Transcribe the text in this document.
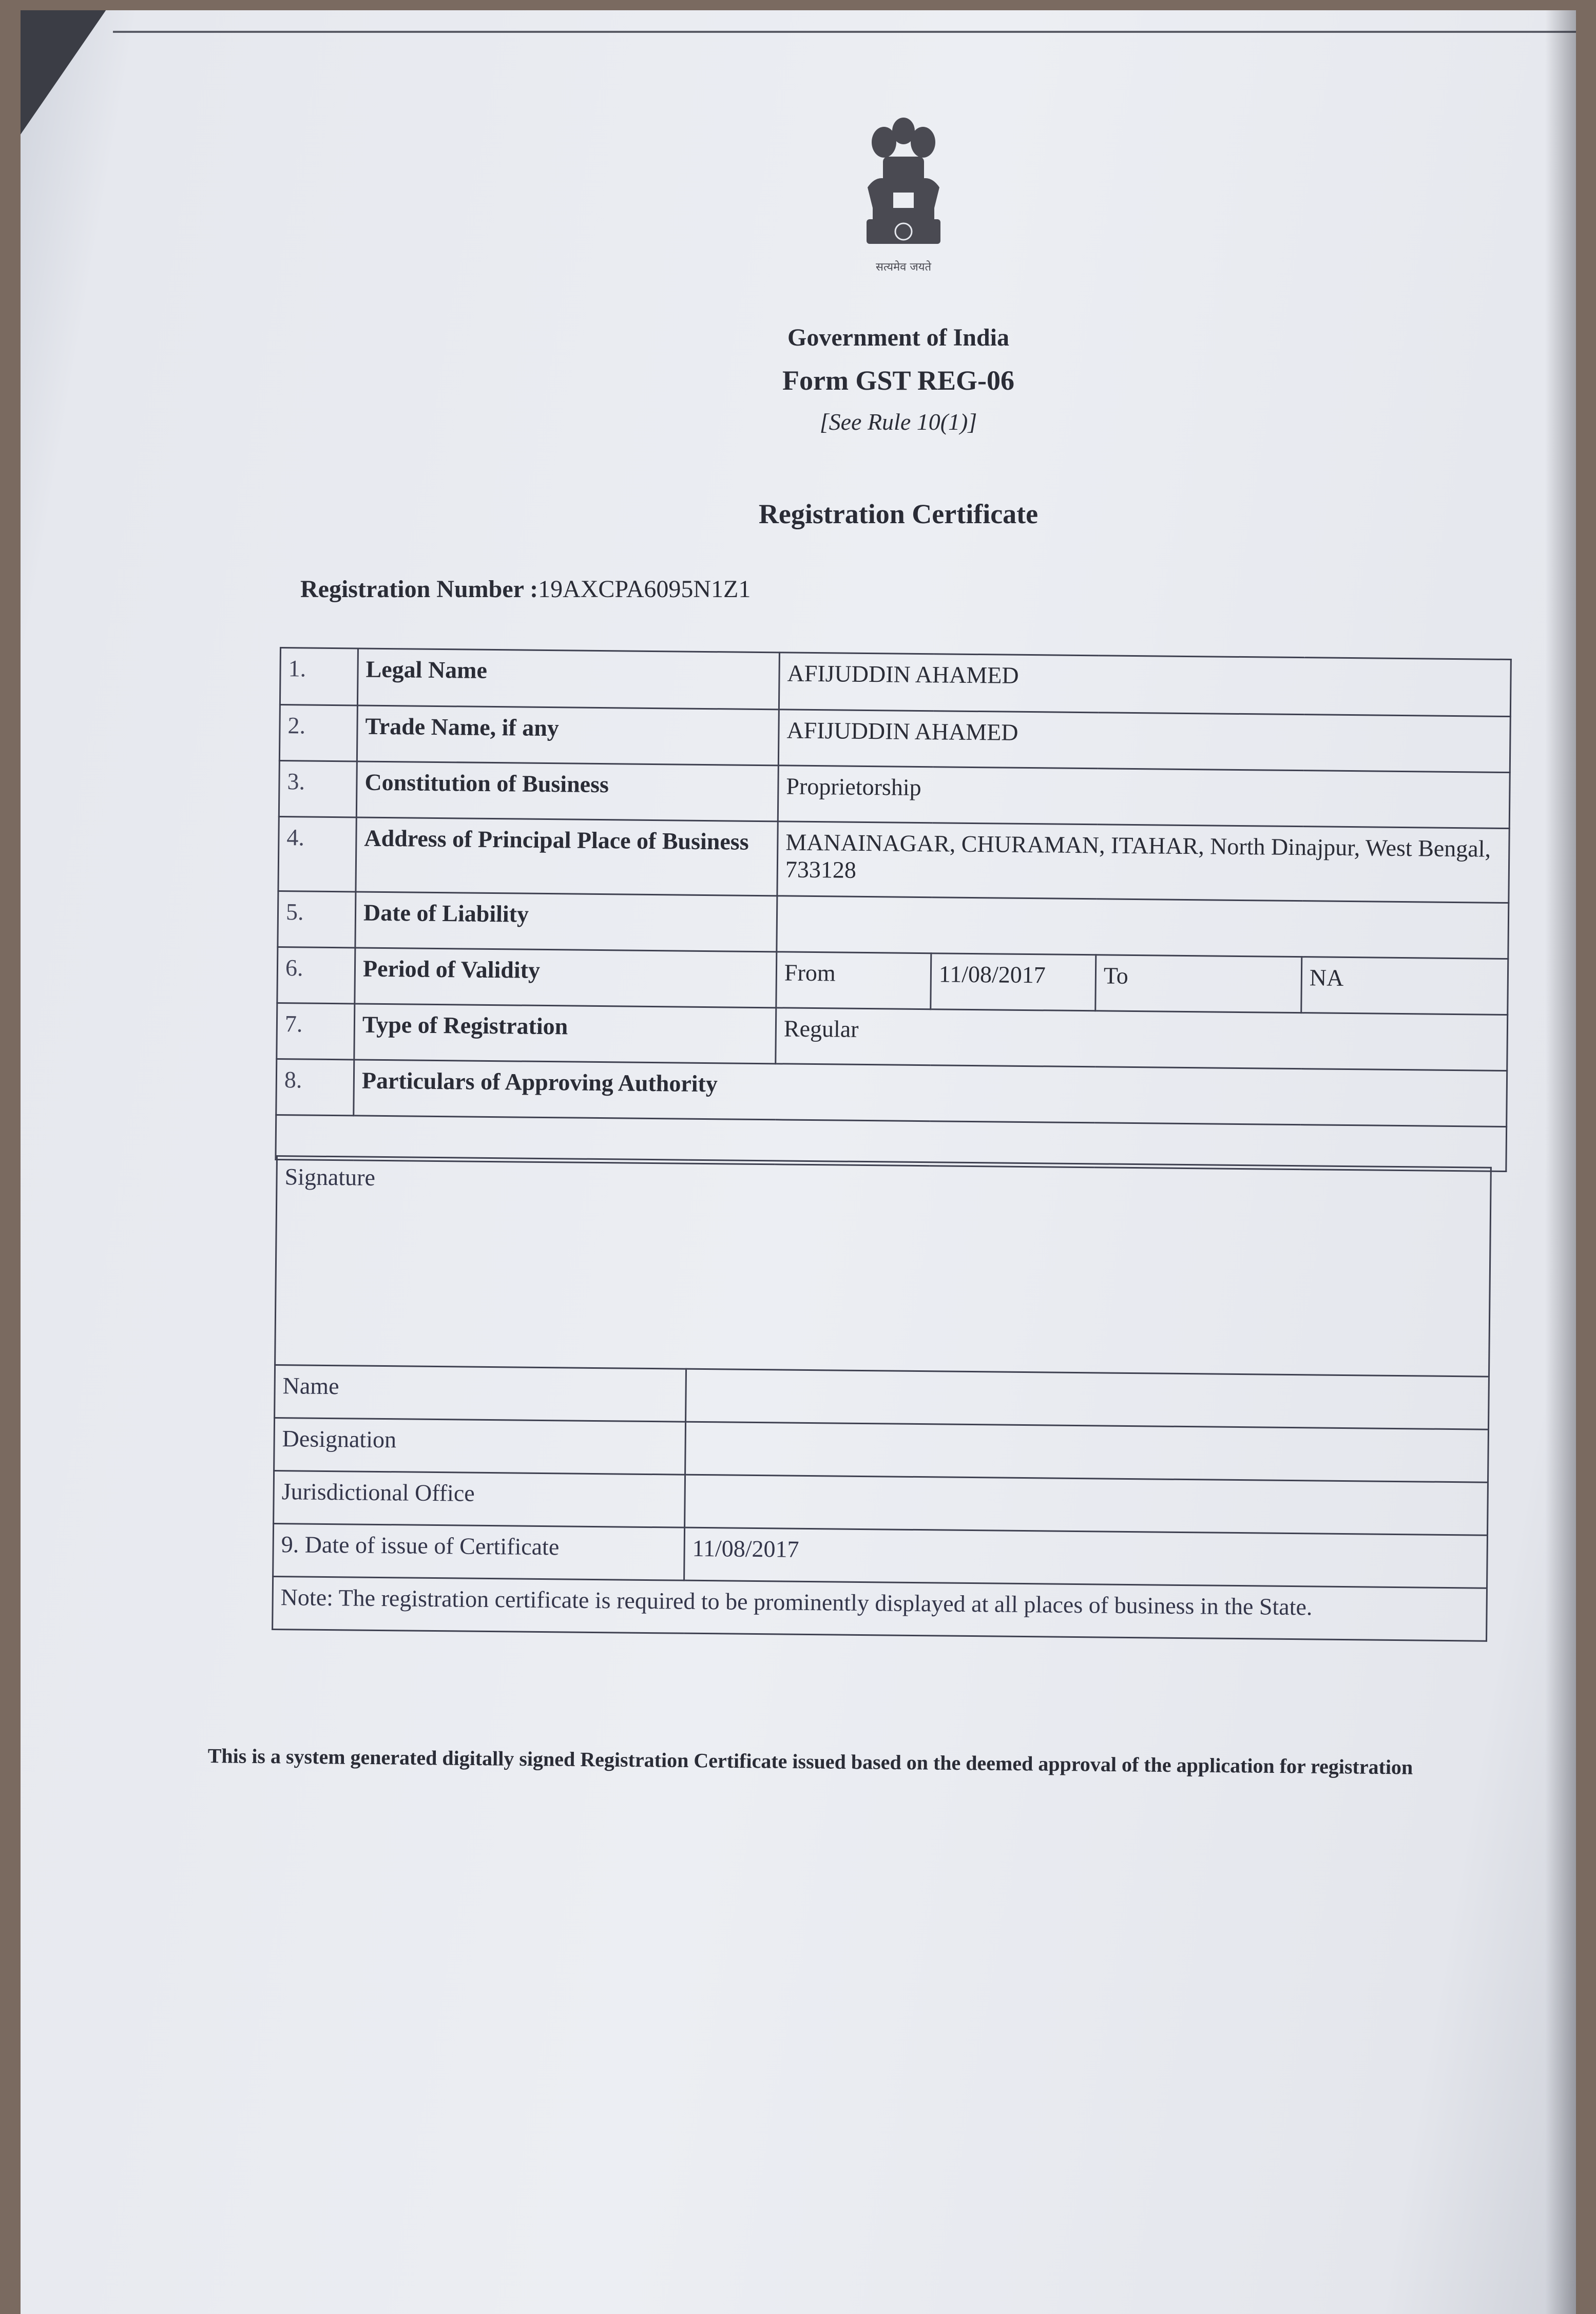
सत्यमेव जयते
Government of India
Form GST REG-06
[See Rule 10(1)]
Registration Certificate
Registration Number :19AXCPA6095N1Z1
1.	Legal Name	AFIJUDDIN AHAMED			
2.	Trade Name, if any	AFIJUDDIN AHAMED			
3.	Constitution of Business	Proprietorship			
4.	Address of Principal Place of Business	MANAINAGAR, CHURAMAN, ITAHAR, North Dinajpur, West Bengal, 733128			
5.	Date of Liability				
6.	Period of Validity	From	11/08/2017	To	NA
7.	Type of Registration	Regular			
8.	Particulars of Approving Authority				

Signature	
Name	
Designation	
Jurisdictional Office	
9. Date of issue of Certificate	11/08/2017
Note: The registration certificate is required to be prominently displayed at all places of business in the State.	
This is a system generated digitally signed Registration Certificate issued based on the deemed approval of the application for registration
